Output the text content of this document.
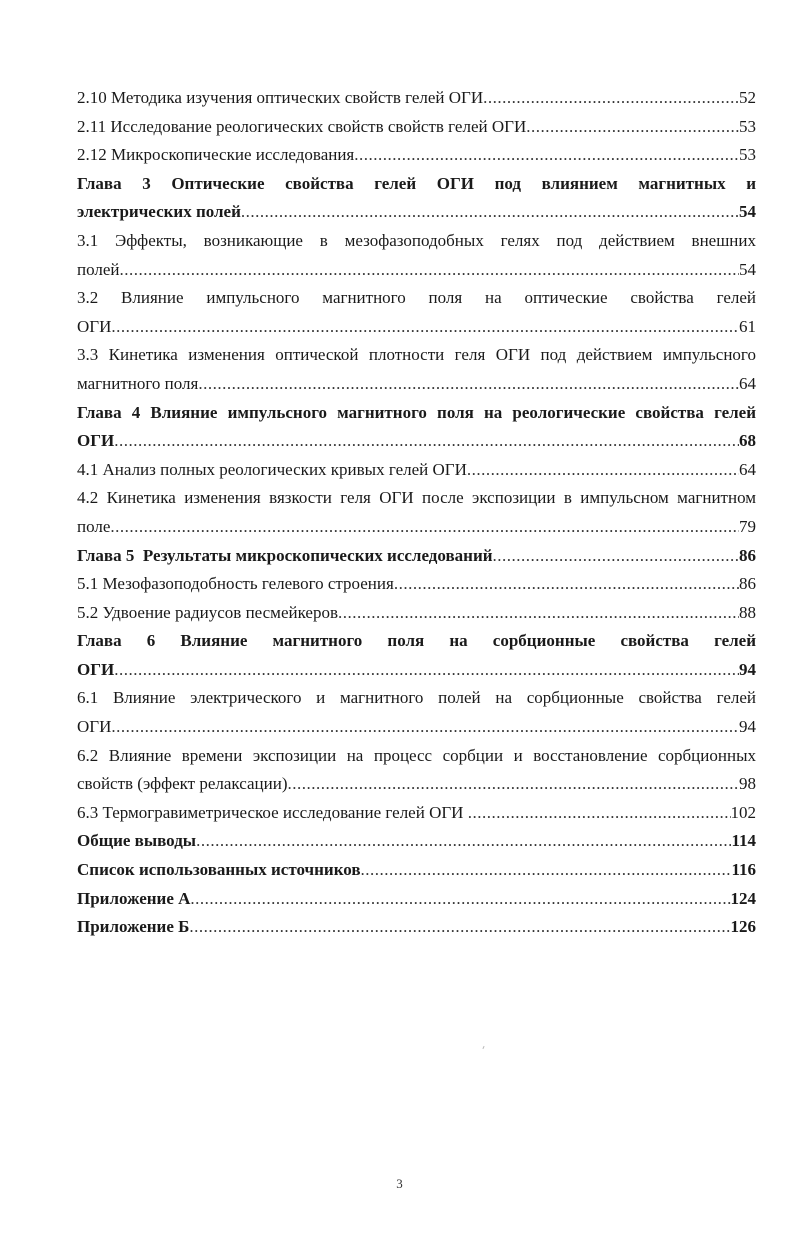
2.10 Методика изучения оптических свойств гелей ОГИ .....	52
2.11 Исследование реологических свойств свойств гелей ОГИ .....	53
2.12 Микроскопические исследования .....	53
Глава 3 Оптические свойства гелей ОГИ под влиянием магнитных и
электрических полей .....	54
3.1 Эффекты, возникающие в мезофазоподобных гелях под действием внешних
полей .....	54
3.2 Влияние импульсного магнитного поля на оптические свойства гелей
ОГИ .....	61
3.3 Кинетика изменения оптической плотности геля ОГИ под действием импульсного
магнитного поля .....	64
Глава 4 Влияние импульсного магнитного поля на реологические свойства гелей
ОГИ .....	68
4.1 Анализ полных реологических кривых гелей ОГИ .....	64
4.2 Кинетика изменения вязкости геля ОГИ после экспозиции в импульсном магнитном
поле .....	79
Глава 5  Результаты микроскопических исследований .....	86
5.1 Мезофазоподобность гелевого строения .....	86
5.2 Удвоение радиусов песмейкеров .....	88
Глава 6 Влияние магнитного поля на сорбционные свойства гелей
ОГИ .....	94
6.1 Влияние электрического и магнитного полей на сорбционные свойства гелей
ОГИ .....	94
6.2 Влияние времени экспозиции на процесс сорбции и восстановление сорбционных
свойств (эффект релаксации) .....	98
6.3 Термогравиметрическое исследование гелей ОГИ .....	102
Общие выводы .....	114
Список использованных источников .....	116
Приложение А .....	124
Приложение Б .....	126
3
